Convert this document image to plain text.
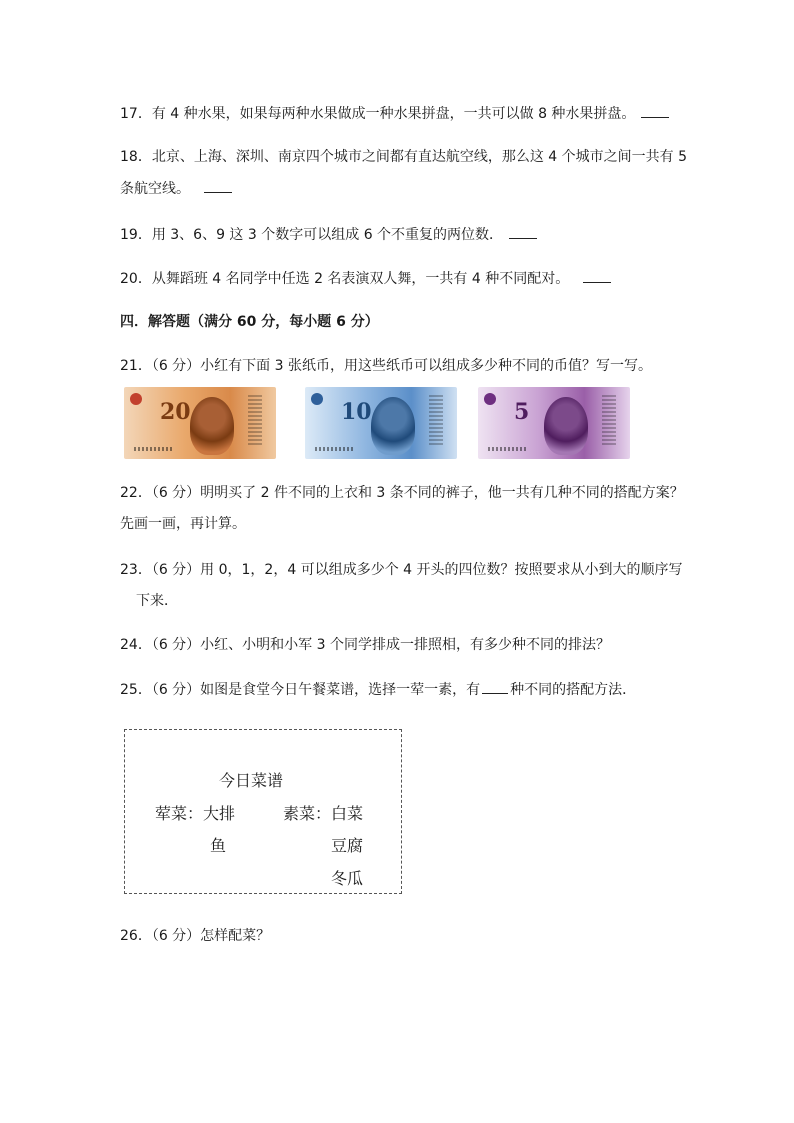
17．有 4 种水果，如果每两种水果做成一种水果拼盘，一共可以做 8 种水果拼盘。
18．北京、上海、深圳、南京四个城市之间都有直达航空线，那么这 4 个城市之间一共有 5
条航空线。
19．用 3、6、9 这 3 个数字可以组成 6 个不重复的两位数．
20．从舞蹈班 4 名同学中任选 2 名表演双人舞，一共有 4 种不同配对。
四．解答题（满分 60 分，每小题 6 分）
21．（6 分）小红有下面 3 张纸币，用这些纸币可以组成多少种不同的币值？写一写。
20	10	5
22．（6 分）明明买了 2 件不同的上衣和 3 条不同的裤子，他一共有几种不同的搭配方案？
先画一画，再计算。
23．（6 分）用 0，1，2，4 可以组成多少个 4 开头的四位数？按照要求从小到大的顺序写
下来．
24．（6 分）小红、小明和小军 3 个同学排成一排照相，有多少种不同的排法？
25．（6 分）如图是食堂今日午餐菜谱，选择一荤一素，有 种不同的搭配方法．
今日菜谱
荤菜： 大排
鱼
素菜： 白菜
豆腐
冬瓜
26．（6 分）怎样配菜？
